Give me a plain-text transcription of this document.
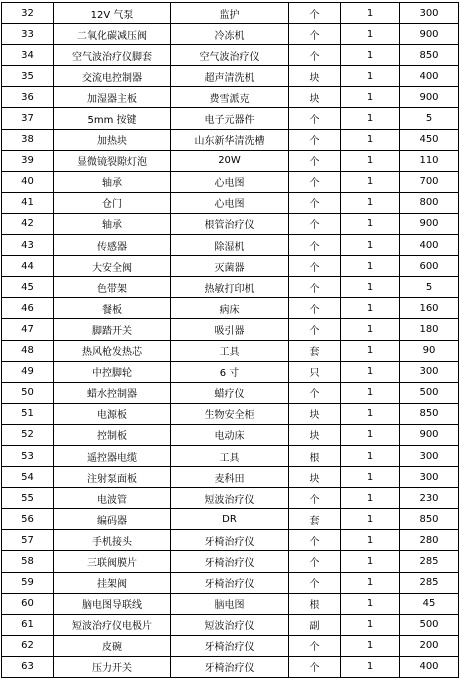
32	12V 气泵	监护	个	1	300
33	二氧化碳减压阀	冷冻机	个	1	900
34	空气波治疗仪脚套	空气波治疗仪	个	1	850
35	交流电控制器	超声清洗机	块	1	400
36	加湿器主板	费雪派克	块	1	900
37	5mm 按键	电子元器件	个	1	5
38	加热块	山东新华清洗槽	个	1	450
39	显微镜裂隙灯泡	20W	个	1	110
40	轴承	心电图	个	1	700
41	仓门	心电图	个	1	800
42	轴承	根管治疗仪	个	1	900
43	传感器	除湿机	个	1	400
44	大安全阀	灭菌器	个	1	600
45	色带架	热敏打印机	个	1	5
46	餐板	病床	个	1	160
47	脚踏开关	吸引器	个	1	180
48	热风枪发热芯	工具	套	1	90
49	中控脚轮	6 寸	只	1	300
50	蜡水控制器	蜡疗仪	个	1	500
51	电源板	生物安全柜	块	1	850
52	控制板	电动床	块	1	900
53	遥控器电缆	工具	根	1	300
54	注射泵面板	麦科田	块	1	300
55	电波管	短波治疗仪	个	1	230
56	编码器	DR	套	1	850
57	手机接头	牙椅治疗仪	个	1	280
58	三联阀膜片	牙椅治疗仪	个	1	285
59	挂架阀	牙椅治疗仪	个	1	285
60	脑电图导联线	脑电图	根	1	45
61	短波治疗仪电极片	短波治疗仪	副	1	500
62	皮碗	牙椅治疗仪	个	1	200
63	压力开关	牙椅治疗仪	个	1	400
